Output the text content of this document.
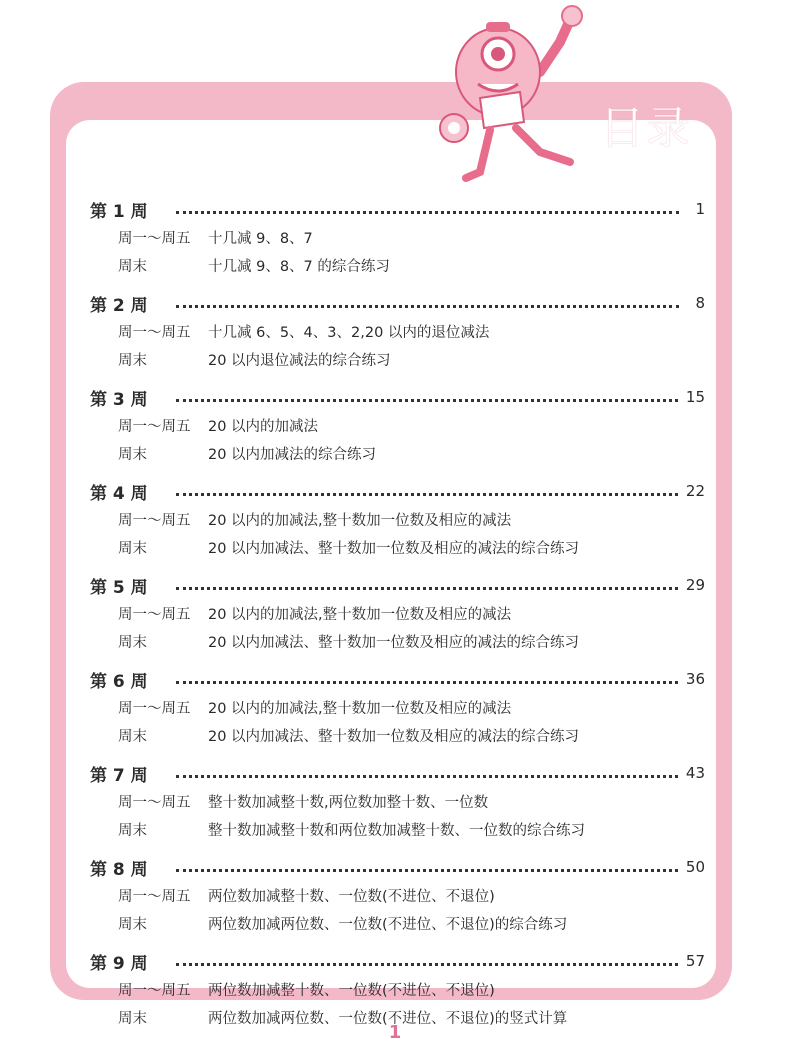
目录
第 1 周	1
周一～周五	十几减 9、8、7
周末	十几减 9、8、7 的综合练习
第 2 周	8
周一～周五	十几减 6、5、4、3、2,20 以内的退位减法
周末	20 以内退位减法的综合练习
第 3 周	15
周一～周五	20 以内的加减法
周末	20 以内加减法的综合练习
第 4 周	22
周一～周五	20 以内的加减法,整十数加一位数及相应的减法
周末	20 以内加减法、整十数加一位数及相应的减法的综合练习
第 5 周	29
周一～周五	20 以内的加减法,整十数加一位数及相应的减法
周末	20 以内加减法、整十数加一位数及相应的减法的综合练习
第 6 周	36
周一～周五	20 以内的加减法,整十数加一位数及相应的减法
周末	20 以内加减法、整十数加一位数及相应的减法的综合练习
第 7 周	43
周一～周五	整十数加减整十数,两位数加整十数、一位数
周末	整十数加减整十数和两位数加减整十数、一位数的综合练习
第 8 周	50
周一～周五	两位数加减整十数、一位数(不进位、不退位)
周末	两位数加减两位数、一位数(不进位、不退位)的综合练习
第 9 周	57
周一～周五	两位数加减整十数、一位数(不进位、不退位)
周末	两位数加减两位数、一位数(不进位、不退位)的竖式计算
1
